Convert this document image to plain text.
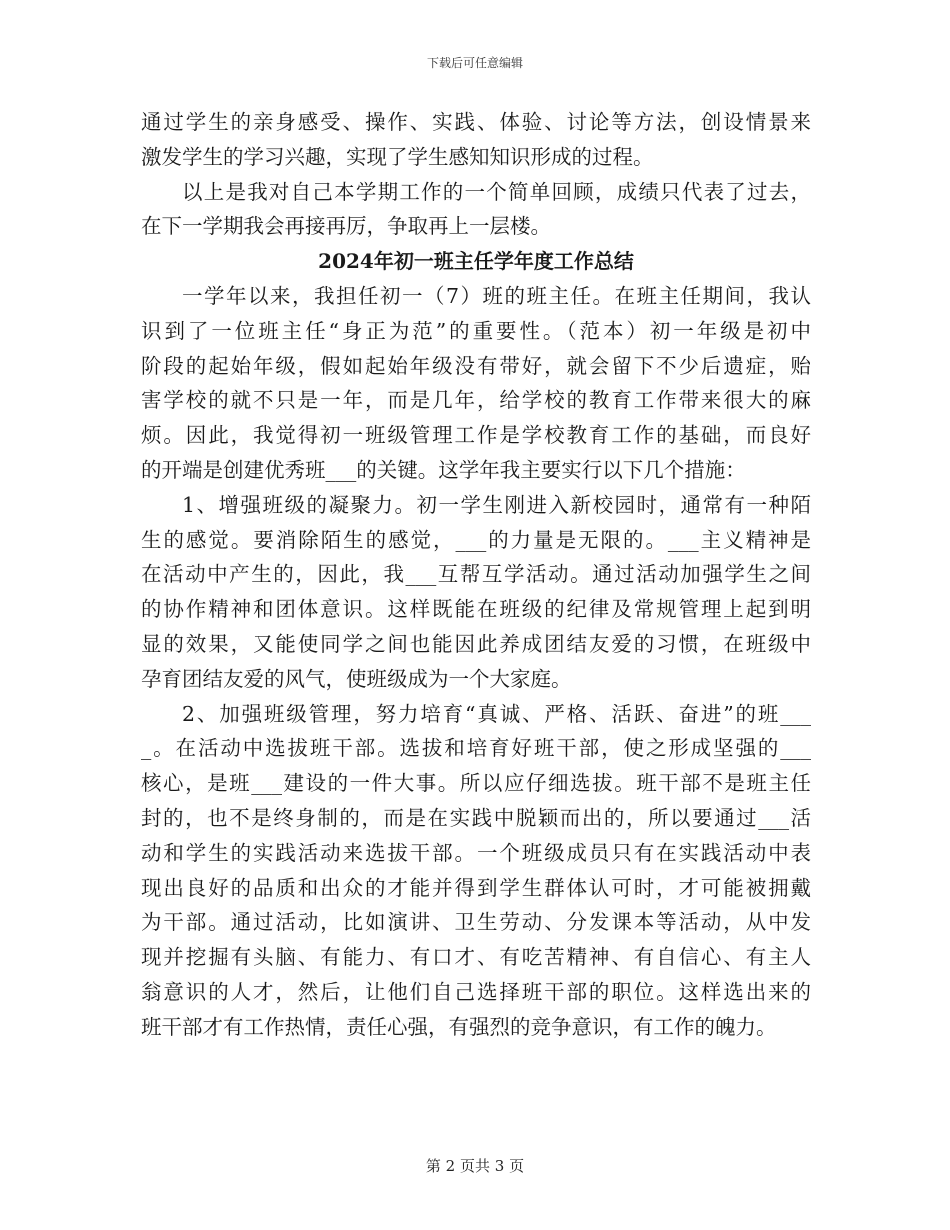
下载后可任意编辑
通过学生的亲身感受、操作、实践、体验、讨论等方法，创设情景来
激发学生的学习兴趣，实现了学生感知知识形成的过程。
以上是我对自己本学期工作的一个简单回顾，成绩只代表了过去，
在下一学期我会再接再厉，争取再上一层楼。
2024年初一班主任学年度工作总结
一学年以来，我担任初一（7）班的班主任。在班主任期间，我认
识到了一位班主任“身正为范”的重要性。（范本）初一年级是初中
阶段的起始年级，假如起始年级没有带好，就会留下不少后遗症，贻
害学校的就不只是一年，而是几年，给学校的教育工作带来很大的麻
烦。因此，我觉得初一班级管理工作是学校教育工作的基础，而良好
的开端是创建优秀班___的关键。这学年我主要实行以下几个措施：
1、增强班级的凝聚力。初一学生刚进入新校园时，通常有一种陌
生的感觉。要消除陌生的感觉，___的力量是无限的。___主义精神是
在活动中产生的，因此，我___互帮互学活动。通过活动加强学生之间
的协作精神和团体意识。这样既能在班级的纪律及常规管理上起到明
显的效果，又能使同学之间也能因此养成团结友爱的习惯，在班级中
孕育团结友爱的风气，使班级成为一个大家庭。
2、加强班级管理，努力培育“真诚、严格、活跃、奋进”的班___
_。在活动中选拔班干部。选拔和培育好班干部，使之形成坚强的___
核心，是班___建设的一件大事。所以应仔细选拔。班干部不是班主任
封的，也不是终身制的，而是在实践中脱颖而出的，所以要通过___活
动和学生的实践活动来选拔干部。一个班级成员只有在实践活动中表
现出良好的品质和出众的才能并得到学生群体认可时，才可能被拥戴
为干部。通过活动，比如演讲、卫生劳动、分发课本等活动，从中发
现并挖掘有头脑、有能力、有口才、有吃苦精神、有自信心、有主人
翁意识的人才，然后，让他们自己选择班干部的职位。这样选出来的
班干部才有工作热情，责任心强，有强烈的竞争意识，有工作的魄力。
第 2 页共 3 页
